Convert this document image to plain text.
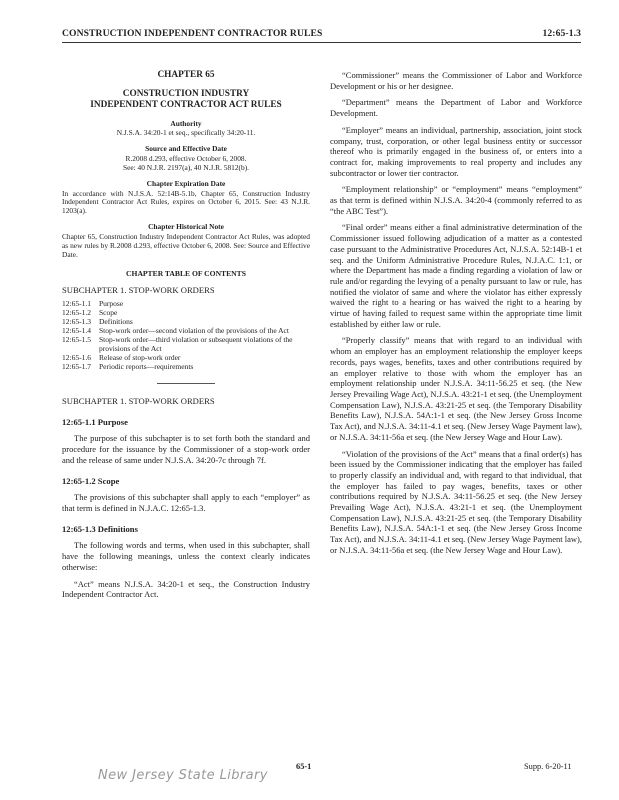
CONSTRUCTION INDEPENDENT CONTRACTOR RULES	12:65-1.3
CHAPTER 65
CONSTRUCTION INDUSTRY
INDEPENDENT CONTRACTOR ACT RULES
Authority
N.J.S.A. 34:20-1 et seq., specifically 34:20-11.
Source and Effective Date
R.2008 d.293, effective October 6, 2008.
See: 40 N.J.R. 2197(a), 40 N.J.R. 5812(b).
Chapter Expiration Date
In accordance with N.J.S.A. 52:14B-5.1b, Chapter 65, Construction Industry Independent Contractor Act Rules, expires on October 6, 2015. See: 43 N.J.R. 1203(a).
Chapter Historical Note
Chapter 65, Construction Industry Independent Contractor Act Rules, was adopted as new rules by R.2008 d.293, effective October 6, 2008. See: Source and Effective Date.
CHAPTER TABLE OF CONTENTS
SUBCHAPTER 1. STOP-WORK ORDERS
12:65-1.1	Purpose
12:65-1.2	Scope
12:65-1.3	Definitions
12:65-1.4	Stop-work order—second violation of the provisions of the Act
12:65-1.5	Stop-work order—third violation or subsequent violations of the provisions of the Act
12:65-1.6	Release of stop-work order
12:65-1.7	Periodic reports—requirements
SUBCHAPTER 1. STOP-WORK ORDERS
12:65-1.1 Purpose

The purpose of this subchapter is to set forth both the standard and procedure for the issuance by the Commissioner of a stop-work order and the release of same under N.J.S.A. 34:20-7c through 7f.

12:65-1.2 Scope

The provisions of this subchapter shall apply to each “employer” as that term is defined in N.J.A.C. 12:65-1.3.

12:65-1.3 Definitions

The following words and terms, when used in this subchapter, shall have the following meanings, unless the context clearly indicates otherwise:

“Act” means N.J.S.A. 34:20-1 et seq., the Construction Industry Independent Contractor Act.

“Commissioner” means the Commissioner of Labor and Workforce Development or his or her designee.

“Department” means the Department of Labor and Workforce Development.

“Employer” means an individual, partnership, association, joint stock company, trust, corporation, or other legal business entity or successor thereof who is primarily engaged in the business of, or enters into a contract for, making improvements to real property and includes any subcontractor or lower tier contractor.

“Employment relationship” or “employment” means “employment” as that term is defined within N.J.S.A. 34:20-4 (commonly referred to as “the ABC Test”).

“Final order” means either a final administrative determination of the Commissioner issued following adjudication of a matter as a contested case pursuant to the Administrative Procedures Act, N.J.S.A. 52:14B-1 et seq. and the Uniform Administrative Procedure Rules, N.J.A.C. 1:1, or where the Department has made a finding regarding a violation of law or rule and/or regarding the levying of a penalty pursuant to law or rule, has notified the violator of same and where the violator has either expressly waived the right to a hearing or has waived the right to a hearing by virtue of having failed to request same within the appropriate time limit established by either law or rule.

“Properly classify” means that with regard to an individual with whom an employer has an employment relationship the employer keeps records, pays wages, benefits, taxes and other contributions required by an employer relative to those with whom the employer has an employment relationship under N.J.S.A. 34:11-56.25 et seq. (the New Jersey Prevailing Wage Act), N.J.S.A. 43:21-1 et seq. (the Unemployment Compensation Law), N.J.S.A. 43:21-25 et seq. (the Temporary Disability Benefits Law), N.J.S.A. 54A:1-1 et seq. (the New Jersey Gross Income Tax Act), and N.J.S.A. 34:11-4.1 et seq. (New Jersey Wage Payment law), or N.J.S.A. 34:11-56a et seq. (the New Jersey Wage and Hour Law).

“Violation of the provisions of the Act” means that a final order(s) has been issued by the Commissioner indicating that the employer has failed to properly classify an individual and, with regard to that individual, that the employer has failed to pay wages, benefits, taxes or other contributions required by N.J.S.A. 34:11-56.25 et seq. (the New Jersey Prevailing Wage Act), N.J.S.A. 43:21-1 et seq. (the Unemployment Compensation Law), N.J.S.A. 43:21-25 et seq. (the Temporary Disability Benefits Law), N.J.S.A. 54A:1-1 et seq. (the New Jersey Gross Income Tax Act), and N.J.S.A. 34:11-4.1 et seq. (New Jersey Wage Payment law), or N.J.S.A. 34:11-56a et seq. (the New Jersey Wage and Hour Law).

65-1	Supp. 6-20-11
New Jersey State Library
